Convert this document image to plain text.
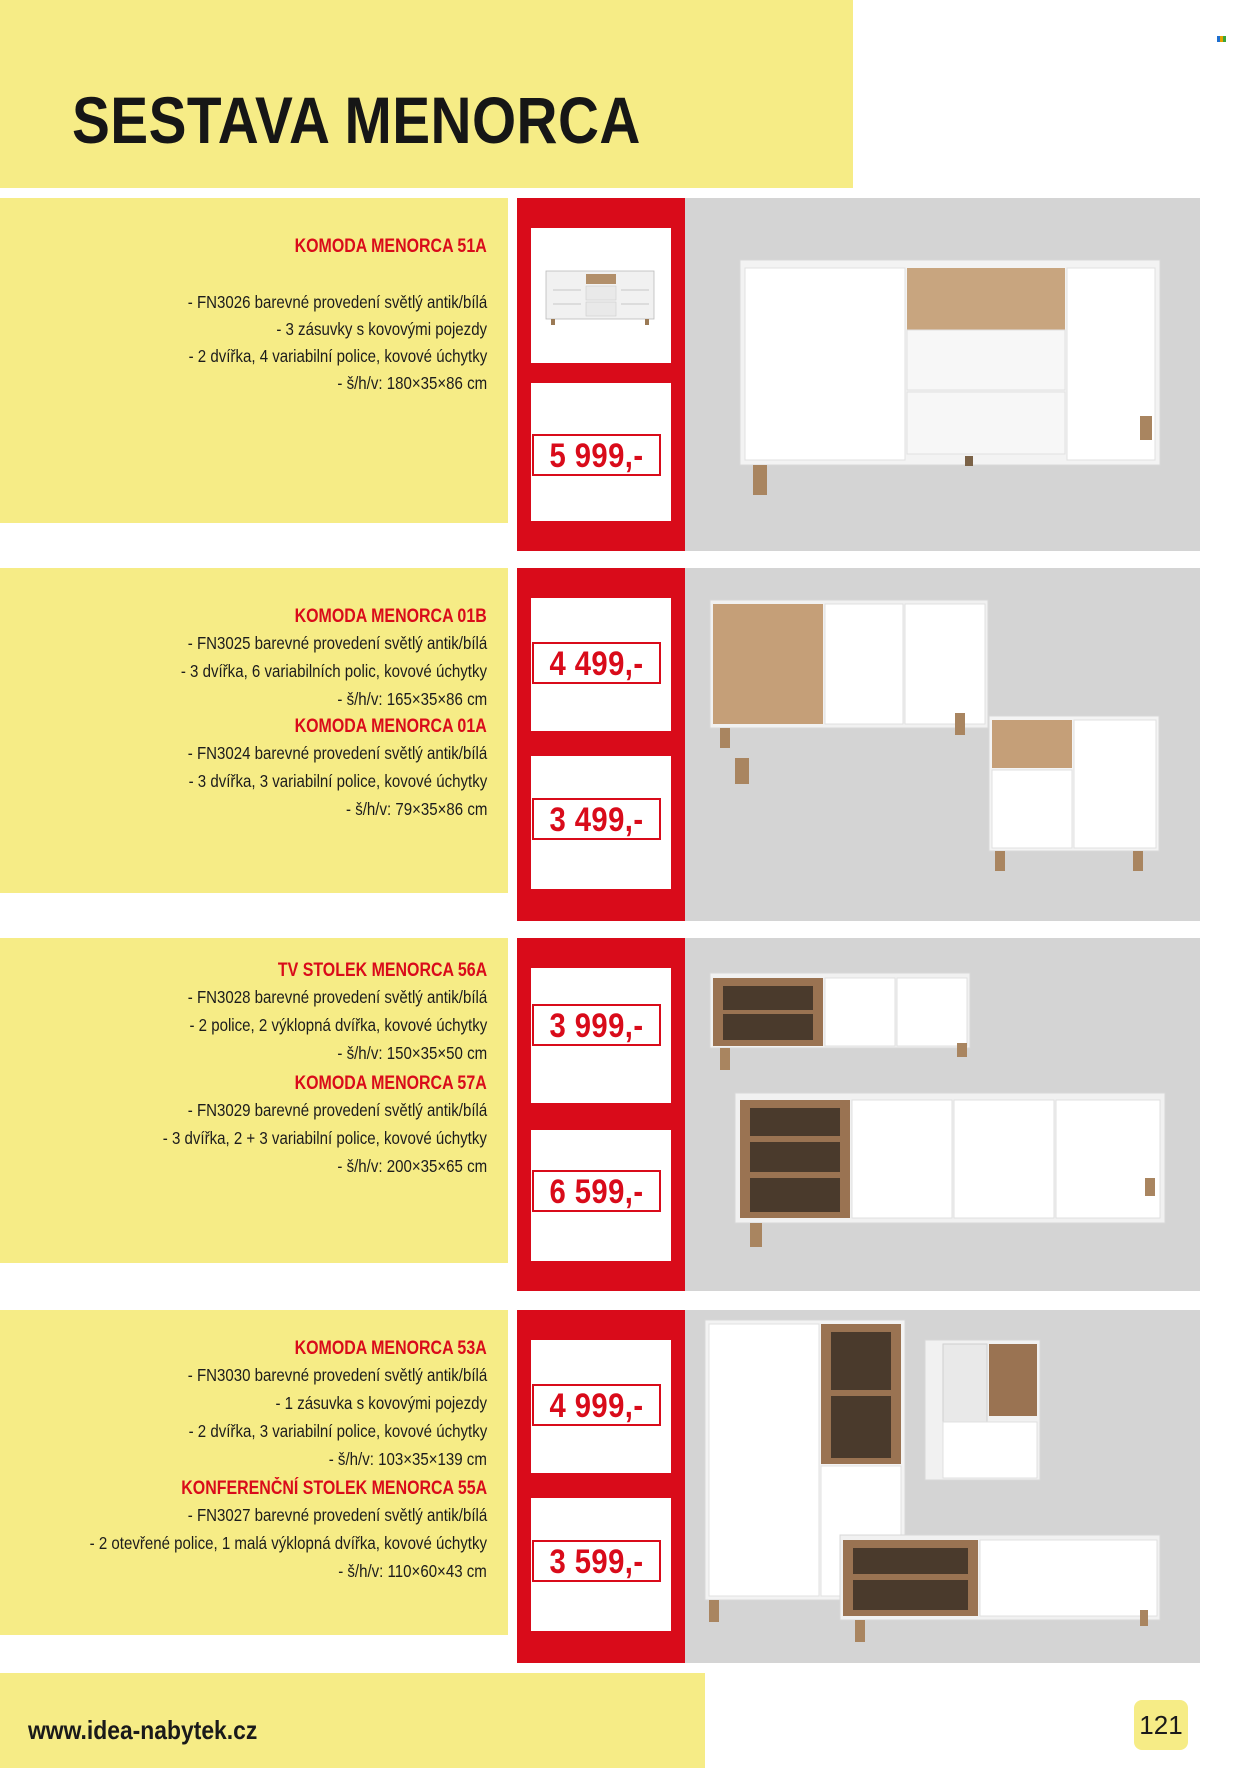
SESTAVA MENORCA
KOMODA MENORCA 51A
- FN3026 barevné provedení světlý antik/bílá
- 3 zásuvky s kovovými pojezdy
- 2 dvířka, 4 variabilní police, kovové úchytky
- š/h/v: 180×35×86 cm
5 999,-
KOMODA MENORCA 01B
- FN3025 barevné provedení světlý antik/bílá
- 3 dvířka, 6 variabilních polic, kovové úchytky
- š/h/v: 165×35×86 cm
KOMODA MENORCA 01A
- FN3024 barevné provedení světlý antik/bílá
- 3 dvířka, 3 variabilní police, kovové úchytky
- š/h/v: 79×35×86 cm
4 499,-
3 499,-
TV STOLEK MENORCA 56A
- FN3028 barevné provedení světlý antik/bílá
- 2 police, 2 výklopná dvířka, kovové úchytky
- š/h/v: 150×35×50 cm
KOMODA MENORCA 57A
- FN3029 barevné provedení světlý antik/bílá
- 3 dvířka, 2 + 3 variabilní police, kovové úchytky
- š/h/v: 200×35×65 cm
3 999,-
6 599,-
KOMODA MENORCA 53A
- FN3030 barevné provedení světlý antik/bílá
- 1 zásuvka s kovovými pojezdy
- 2 dvířka, 3 variabilní police, kovové úchytky
- š/h/v: 103×35×139 cm
KONFERENČNÍ STOLEK MENORCA 55A
- FN3027 barevné provedení světlý antik/bílá
- 2 otevřené police, 1 malá výklopná dvířka, kovové úchytky
- š/h/v: 110×60×43 cm
4 999,-
3 599,-
www.idea-nabytek.cz	121
